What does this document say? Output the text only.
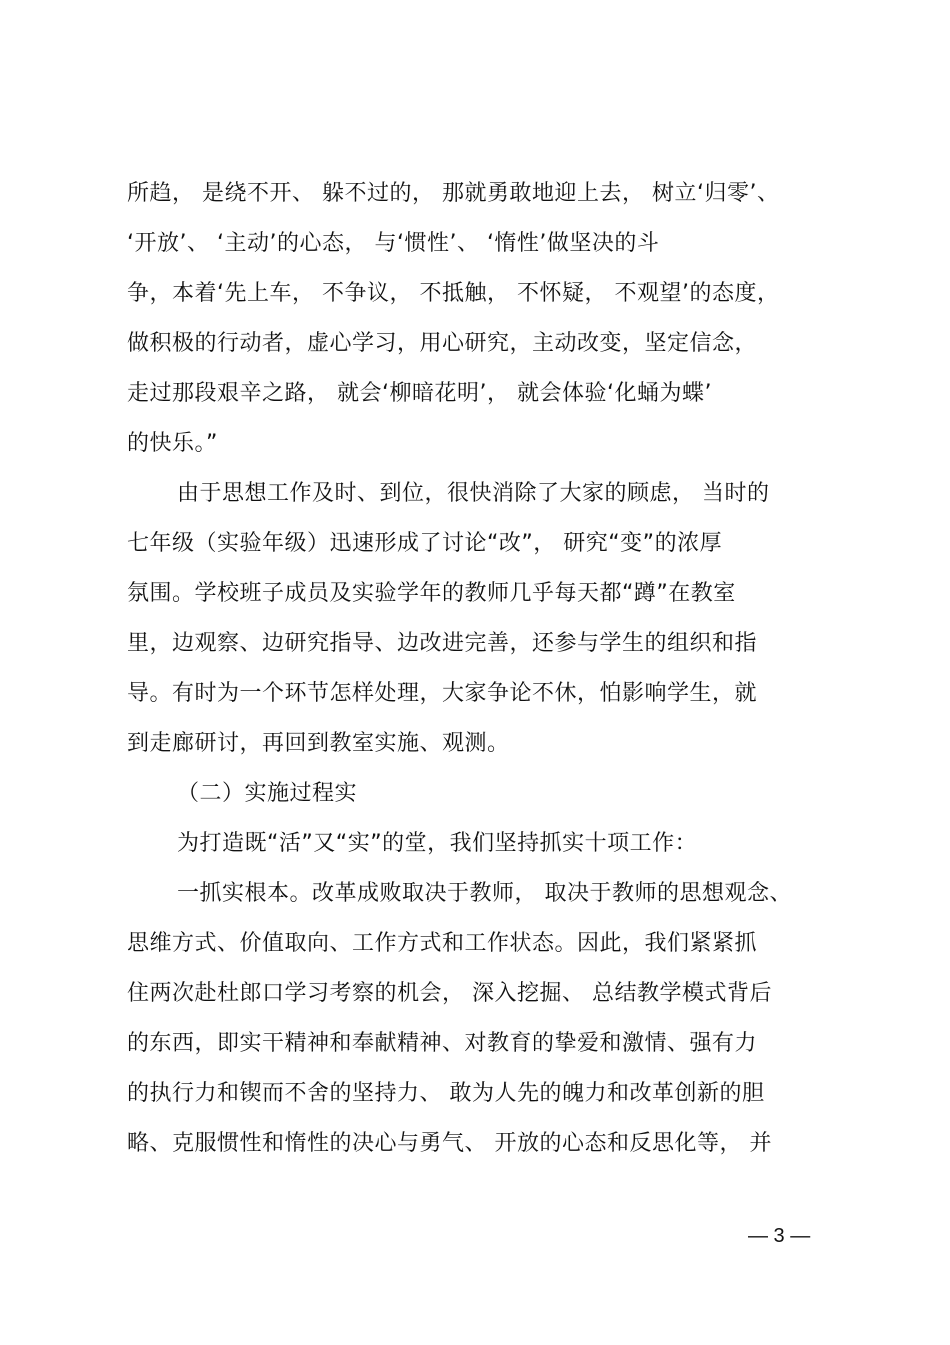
所趋， 是绕不开、 躲不过的， 那就勇敢地迎上去， 树立‘归零’、
‘开放’、 ‘主动’的心态， 与‘惯性’、 ‘惰性’做坚决的斗
争，本着‘先上车， 不争议， 不抵触， 不怀疑， 不观望’的态度，
做积极的行动者，虚心学习，用心研究，主动改变，坚定信念，
走过那段艰辛之路， 就会‘柳暗花明’， 就会体验‘化蛹为蝶’
的快乐。”
由于思想工作及时、到位，很快消除了大家的顾虑， 当时的
七年级（实验年级）迅速形成了讨论“改”， 研究“变”的浓厚
氛围。学校班子成员及实验学年的教师几乎每天都“蹲”在教室
里，边观察、边研究指导、边改进完善，还参与学生的组织和指
导。有时为一个环节怎样处理，大家争论不休，怕影响学生，就
到走廊研讨，再回到教室实施、观测。
（二）实施过程实
为打造既“活”又“实”的堂，我们坚持抓实十项工作：
一抓实根本。改革成败取决于教师， 取决于教师的思想观念、
思维方式、价值取向、工作方式和工作状态。因此，我们紧紧抓
住两次赴杜郎口学习考察的机会， 深入挖掘、 总结教学模式背后
的东西，即实干精神和奉献精神、对教育的挚爱和激情、强有力
的执行力和锲而不舍的坚持力、 敢为人先的魄力和改革创新的胆
略、克服惯性和惰性的决心与勇气、 开放的心态和反思化等， 并
— 3 —
